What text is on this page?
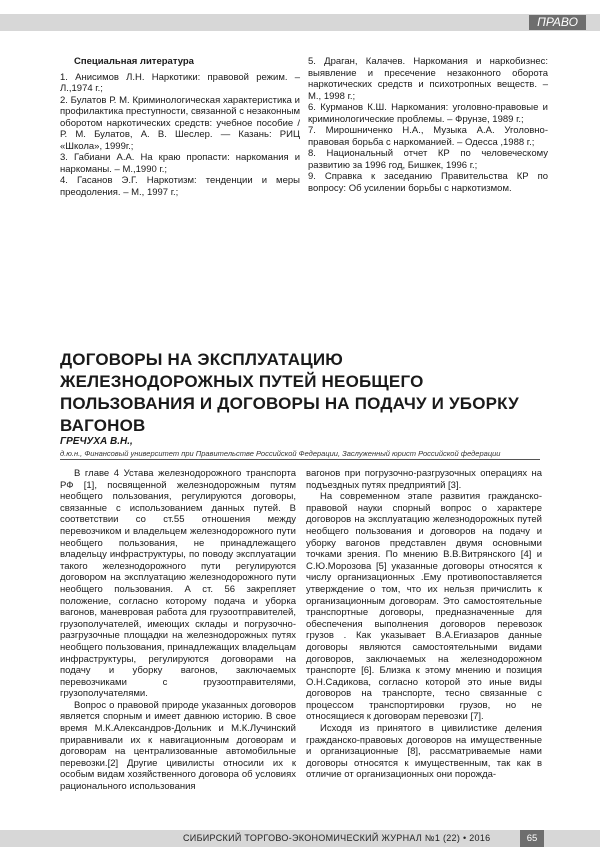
ПРАВО
Специальная литература

1. Анисимов Л.Н. Наркотики: правовой режим. – Л.,1974 г.;

2. Булатов Р. М. Криминологическая характеристика и профилактика преступности, связанной с незаконным оборотом наркотических средств: учебное пособие / Р. М. Булатов, А. В. Шеслер. — Казань: РИЦ «Школа», 1999г.;

3. Габиани А.А. На краю пропасти: наркомания и наркоманы. – М.,1990 г.;

4. Гасанов Э.Г. Наркотизм: тенденции и меры преодоления. – М., 1997 г.;

5. Драган, Калачев. Наркомания и наркобизнес: выявление и пресечение незаконного оборота наркотических средств и психотропных веществ. – М., 1998 г.;

6. Курманов К.Ш. Наркомания: уголовно-правовые и криминологические проблемы. – Фрунзе, 1989 г.;

7. Мирошниченко Н.А., Музыка А.А. Уголовно-правовая борьба с наркоманией. – Одесса ,1988 г.;

8. Национальный отчет КР по человеческому развитию за 1996 год, Бишкек, 1996 г.;

9. Справка к заседанию Правительства КР по вопросу: Об усилении борьбы с наркотизмом.

ДОГОВОРЫ НА ЭКСПЛУАТАЦИЮ ЖЕЛЕЗНОДОРОЖНЫХ ПУТЕЙ НЕОБЩЕГО ПОЛЬЗОВАНИЯ И ДОГОВОРЫ НА ПОДАЧУ И УБОРКУ ВАГОНОВ
ГРЕЧУХА В.Н.,
д.ю.н., Финансовый университет при Правительстве Российской Федерации, Заслуженный юрист Российской федерации

В главе 4 Устава железнодорожного транспорта РФ [1], посвященной железнодорожным путям необщего пользования, регулируются договоры, связанные с использованием данных путей. В соответствии со ст.55 отношения между перевозчиком и владельцем железнодорожного пути необщего пользования, не принадлежащего владельцу инфраструктуры, по поводу эксплуатации такого железнодорожного пути регулируются договором на эксплуатацию железнодорожного пути необщего пользования. А ст. 56 закрепляет положение, согласно которому подача и уборка вагонов, маневровая работа для грузоотправителей, грузополучателей, имеющих склады и погрузочно-разгрузочные площадки на железнодорожных путях необщего пользования, принадлежащих владельцам инфраструктуры, регулируются договорами на подачу и уборку вагонов, заключаемых перевозчиками с грузоотправителями, грузополучателями.

Вопрос о правовой природе указанных договоров является спорным и имеет давнюю историю. В свое время М.К.Александров-Дольник и М.К.Лучинский приравнивали их к навигационным договорам и договорам на централизованные автомобильные перевозки.[2] Другие цивилисты относили их к особым видам хозяйственного договора об условиях рационального использования

вагонов при погрузочно-разгрузочных операциях на подъездных путях предприятий [3].

На современном этапе развития гражданско-правовой науки спорный вопрос о характере договоров на эксплуатацию железнодорожных путей необщего пользования и договоров на подачу и уборку вагонов представлен двумя основными точками зрения. По мнению В.В.Витрянского [4] и С.Ю.Морозова [5] указанные договоры относятся к числу организационных .Ему противопоставляется утверждение о том, что их нельзя причислить к организационным договорам. Это самостоятельные транспортные договоры, предназначенные для обеспечения выполнения договоров перевозок грузов . Как указывает В.А.Егиазаров данные договоры являются самостоятельными видами договоров, заключаемых на железнодорожном транспорте [6]. Близка к этому мнению и позиция О.Н.Садикова, согласно которой это иные виды договоров на транспорте, тесно связанные с процессом транспортировки грузов, но не относящиеся к договорам перевозки [7].

Исходя из принятого в цивилистике деления гражданско-правовых договоров на имущественные и организационные [8], рассматриваемые нами договоры относятся к имущественным, так как в отличие от организационных они порожда-

СИБИРСКИЙ ТОРГОВО-ЭКОНОМИЧЕСКИЙ ЖУРНАЛ №1 (22) • 2016	65
